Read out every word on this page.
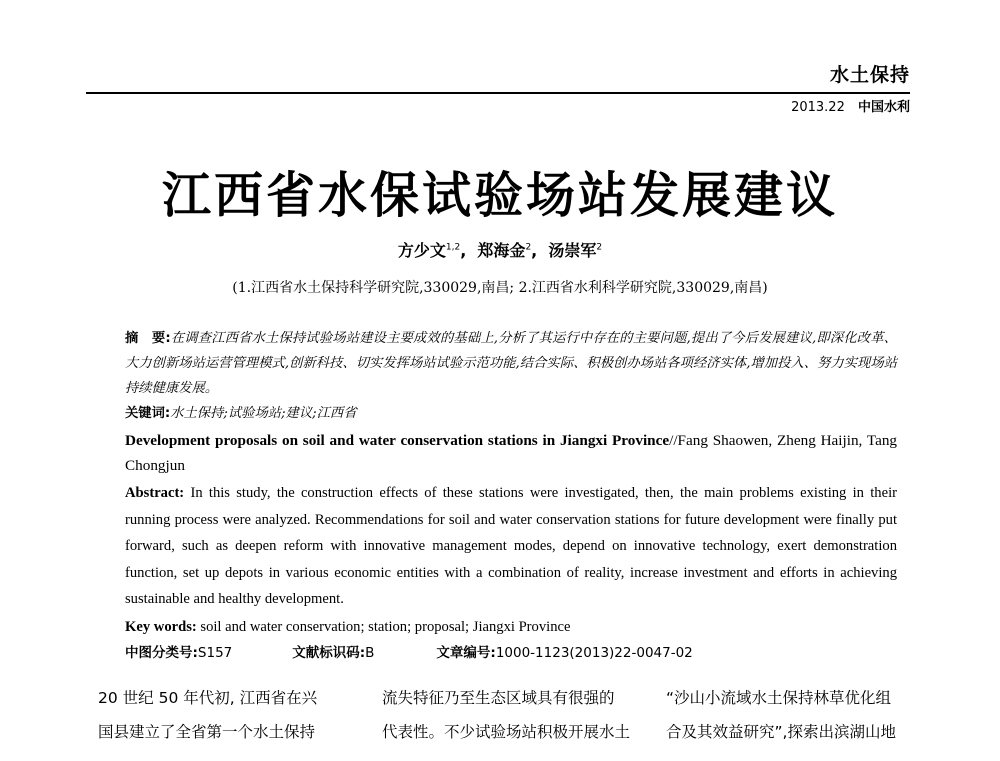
水土保持
2013.22 中国水利
江西省水保试验场站发展建议
方少文$^{1,2}$,  郑海金$^2$,  汤崇军$^2$
(1.江西省水土保持科学研究院,330029,南昌; 2.江西省水利科学研究院,330029,南昌)

摘　要:在调查江西省水土保持试验场站建设主要成效的基础上,分析了其运行中存在的主要问题,提出了今后发展建议,即深化改革、大力创新场站运营管理模式,创新科技、切实发挥场站试验示范功能,结合实际、积极创办场站各项经济实体,增加投入、努力实现场站持续健康发展。

关键词:水土保持;试验场站;建议;江西省

Development proposals on soil and water conservation stations in Jiangxi Province//Fang Shaowen, Zheng Haijin, Tang Chongjun

Abstract: In this study, the construction effects of these stations were investigated, then, the main problems existing in their running process were analyzed. Recommendations for soil and water conservation stations for future development were finally put forward, such as deepen reform with innovative management modes, depend on innovative technology, exert demonstration function, set up depots in various economic entities with a combination of reality, increase investment and efforts in achieving sustainable and healthy development.

Key words: soil and water conservation; station; proposal; Jiangxi Province

中图分类号:S157	文献标识码:B	文章编号:1000-1123(2013)22-0047-02

20 世纪 50 年代初, 江西省在兴

国县建立了全省第一个水土保持

流失特征乃至生态区域具有很强的

代表性。不少试验场站积极开展水土

“沙山小流域水土保持林草优化组

合及其效益研究”,探索出滨湖山地
